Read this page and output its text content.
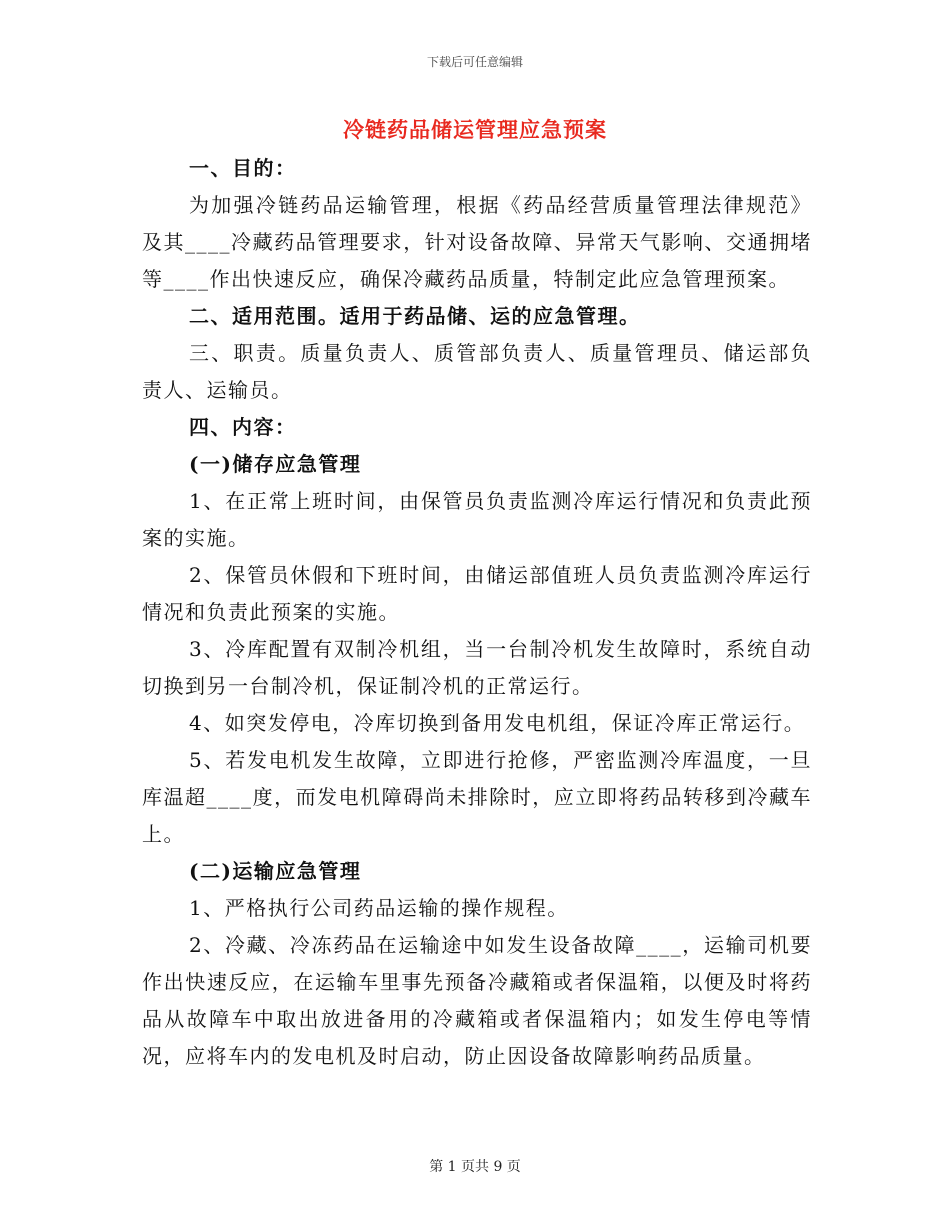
下载后可任意编辑
冷链药品储运管理应急预案

一、目的：

为加强冷链药品运输管理，根据《药品经营质量管理法律规范》及其____冷藏药品管理要求，针对设备故障、异常天气影响、交通拥堵等____作出快速反应，确保冷藏药品质量，特制定此应急管理预案。

二、适用范围。适用于药品储、运的应急管理。

三、职责。质量负责人、质管部负责人、质量管理员、储运部负责人、运输员。

四、内容：

(一)储存应急管理

1、在正常上班时间，由保管员负责监测冷库运行情况和负责此预案的实施。

2、保管员休假和下班时间，由储运部值班人员负责监测冷库运行情况和负责此预案的实施。

3、冷库配置有双制冷机组，当一台制冷机发生故障时，系统自动切换到另一台制冷机，保证制冷机的正常运行。

4、如突发停电，冷库切换到备用发电机组，保证冷库正常运行。

5、若发电机发生故障，立即进行抢修，严密监测冷库温度，一旦库温超____度，而发电机障碍尚未排除时，应立即将药品转移到冷藏车上。

(二)运输应急管理

1、严格执行公司药品运输的操作规程。

2、冷藏、冷冻药品在运输途中如发生设备故障____，运输司机要作出快速反应，在运输车里事先预备冷藏箱或者保温箱，以便及时将药品从故障车中取出放进备用的冷藏箱或者保温箱内；如发生停电等情况，应将车内的发电机及时启动，防止因设备故障影响药品质量。

第 1 页共 9 页
